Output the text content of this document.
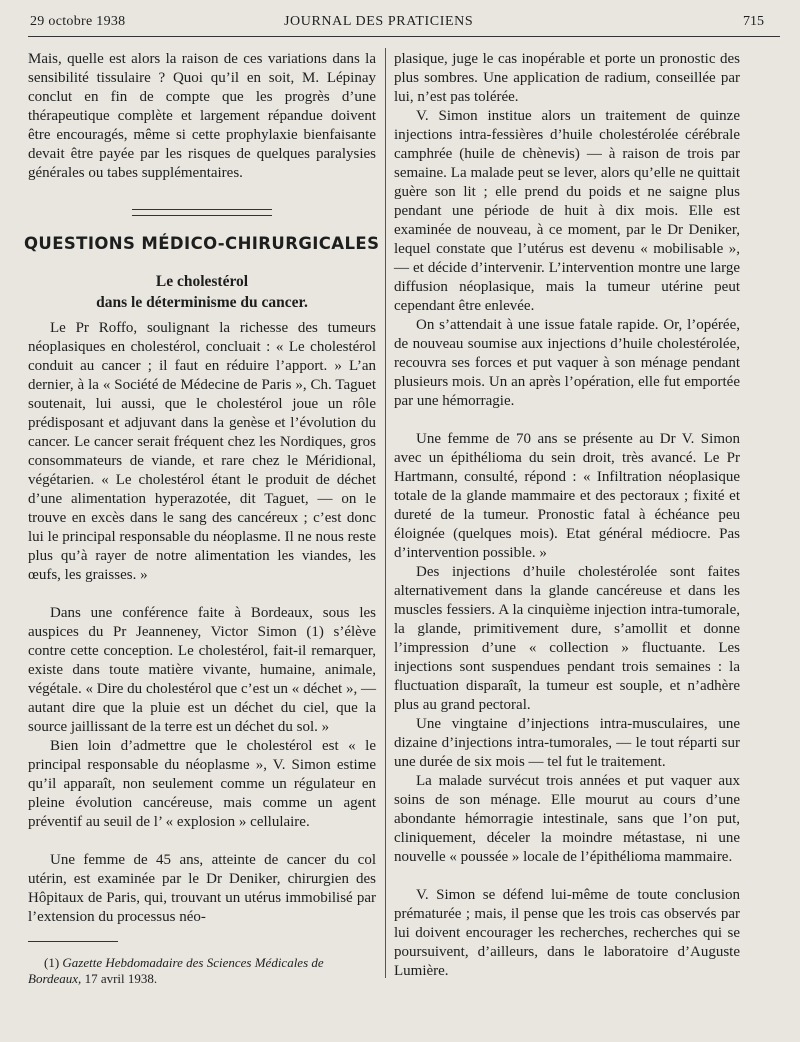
29 octobre 1938	JOURNAL DES PRATICIENS	715

Mais, quelle est alors la raison de ces variations dans la sensibilité tissulaire ? Quoi qu’il en soit, M. Lépinay conclut en fin de compte que les progrès d’une thérapeutique complète et largement répandue doivent être encouragés, même si cette prophylaxie bienfaisante devait être payée par les risques de quelques paralysies générales ou tabes supplémentaires.

QUESTIONS MÉDICO-CHIRURGICALES
Le cholestérol
dans le déterminisme du cancer.

Le Pr Roffo, soulignant la richesse des tumeurs néoplasiques en cholestérol, concluait : « Le cholestérol conduit au cancer ; il faut en réduire l’apport. » L’an dernier, à la « Société de Médecine de Paris », Ch. Taguet soutenait, lui aussi, que le cholestérol joue un rôle prédisposant et adjuvant dans la genèse et l’évolution du cancer. Le cancer serait fréquent chez les Nordiques, gros consommateurs de viande, et rare chez le Méridional, végétarien. « Le cholestérol étant le produit de déchet d’une alimentation hyperazotée, dit Taguet, — on le trouve en excès dans le sang des cancéreux ; c’est donc lui le principal responsable du néoplasme. Il ne nous reste plus qu’à rayer de notre alimentation les viandes, les œufs, les graisses. »

Dans une conférence faite à Bordeaux, sous les auspices du Pr Jeanneney, Victor Simon (1) s’élève contre cette conception. Le cholestérol, fait-il remarquer, existe dans toute matière vivante, humaine, animale, végétale. « Dire du cholestérol que c’est un « déchet », — autant dire que la pluie est un déchet du ciel, que la source jaillissant de la terre est un déchet du sol. »

Bien loin d’admettre que le cholestérol est « le principal responsable du néoplasme », V. Simon estime qu’il apparaît, non seulement comme un régulateur en pleine évolution cancéreuse, mais comme un agent préventif au seuil de l’ « explosion » cellulaire.

Une femme de 45 ans, atteinte de cancer du col utérin, est examinée par le Dr Deniker, chirurgien des Hôpitaux de Paris, qui, trouvant un utérus immobilisé par l’extension du processus néo-

(1) Gazette Hebdomadaire des Sciences Médicales de Bordeaux, 17 avril 1938.

plasique, juge le cas inopérable et porte un pronostic des plus sombres. Une application de radium, conseillée par lui, n’est pas tolérée.

V. Simon institue alors un traitement de quinze injections intra-fessières d’huile cholestérolée cérébrale camphrée (huile de chènevis) — à raison de trois par semaine. La malade peut se lever, alors qu’elle ne quittait guère son lit ; elle prend du poids et ne saigne plus pendant une période de huit à dix mois. Elle est examinée de nouveau, à ce moment, par le Dr Deniker, lequel constate que l’utérus est devenu « mobilisable », — et décide d’intervenir. L’intervention montre une large diffusion néoplasique, mais la tumeur utérine peut cependant être enlevée.

On s’attendait à une issue fatale rapide. Or, l’opérée, de nouveau soumise aux injections d’huile cholestérolée, recouvra ses forces et put vaquer à son ménage pendant plusieurs mois. Un an après l’opération, elle fut emportée par une hémorragie.

Une femme de 70 ans se présente au Dr V. Simon avec un épithélioma du sein droit, très avancé. Le Pr Hartmann, consulté, répond : « Infiltration néoplasique totale de la glande mammaire et des pectoraux ; fixité et dureté de la tumeur. Pronostic fatal à échéance peu éloignée (quelques mois). Etat général médiocre. Pas d’intervention possible. »

Des injections d’huile cholestérolée sont faites alternativement dans la glande cancéreuse et dans les muscles fessiers. A la cinquième injection intra-tumorale, la glande, primitivement dure, s’amollit et donne l’impression d’une « collection » fluctuante. Les injections sont suspendues pendant trois semaines : la fluctuation disparaît, la tumeur est souple, et n’adhère plus au grand pectoral.

Une vingtaine d’injections intra-musculaires, une dizaine d’injections intra-tumorales, — le tout réparti sur une durée de six mois — tel fut le traitement.

La malade survécut trois années et put vaquer aux soins de son ménage. Elle mourut au cours d’une abondante hémorragie intestinale, sans que l’on put, cliniquement, déceler la moindre métastase, ni une nouvelle « poussée » locale de l’épithélioma mammaire.

V. Simon se défend lui-même de toute conclusion prématurée ; mais, il pense que les trois cas observés par lui doivent encourager les recherches, recherches qui se poursuivent, d’ailleurs, dans le laboratoire d’Auguste Lumière.
